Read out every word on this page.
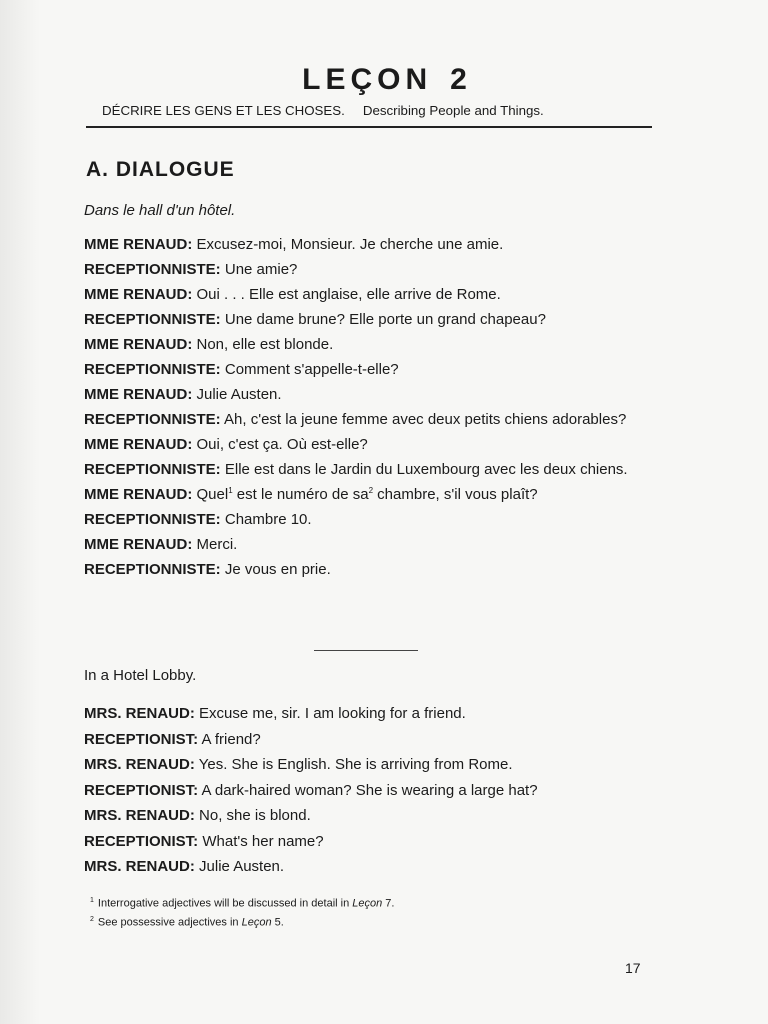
LEÇON 2
DÉCRIRE LES GENS ET LES CHOSES. Describing People and Things.
A. DIALOGUE
Dans le hall d'un hôtel.
MME RENAUD: Excusez-moi, Monsieur. Je cherche une amie.
RECEPTIONNISTE: Une amie?
MME RENAUD: Oui . . . Elle est anglaise, elle arrive de Rome.
RECEPTIONNISTE: Une dame brune? Elle porte un grand chapeau?
MME RENAUD: Non, elle est blonde.
RECEPTIONNISTE: Comment s'appelle-t-elle?
MME RENAUD: Julie Austen.
RECEPTIONNISTE: Ah, c'est la jeune femme avec deux petits chiens adorables?
MME RENAUD: Oui, c'est ça. Où est-elle?
RECEPTIONNISTE: Elle est dans le Jardin du Luxembourg avec les deux chiens.
MME RENAUD: Quel$^1$ est le numéro de $sa^2$ chambre, s'il vous plaît?
RECEPTIONNISTE: Chambre 10.
MME RENAUD: Merci.
RECEPTIONNISTE: Je vous en prie.
In a Hotel Lobby.
MRS. RENAUD: Excuse me, sir. I am looking for a friend.
RECEPTIONIST: A friend?
MRS. RENAUD: Yes. She is English. She is arriving from Rome.
RECEPTIONIST: A dark-haired woman? She is wearing a large hat?
MRS. RENAUD: No, she is blond.
RECEPTIONIST: What's her name?
MRS. RENAUD: Julie Austen.
$^1$ Interrogative adjectives will be discussed in detail in Leçon 7.
$^2$ See possessive adjectives in Leçon 5.
17
